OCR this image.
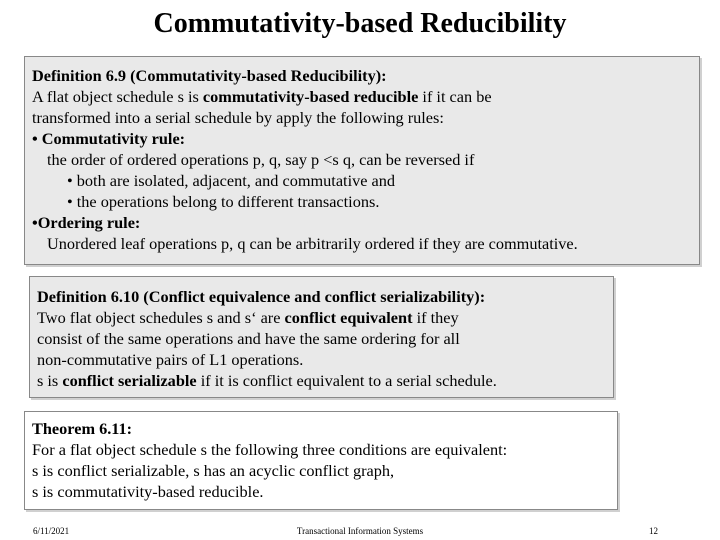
Commutativity-based Reducibility
Definition 6.9 (Commutativity-based Reducibility):
A flat object schedule s is commutativity-based reducible if it can be
transformed into a serial schedule by apply the following rules:
• Commutativity rule:
the order of ordered operations p, q, say p <s q, can be reversed if
• both are isolated, adjacent, and commutative and
• the operations belong to different transactions.
•Ordering rule:
Unordered leaf operations p, q can be arbitrarily ordered if they are commutative.
Definition 6.10 (Conflict equivalence and conflict serializability):
Two flat object schedules s and s‘ are conflict equivalent if they
consist of the same operations and have the same ordering for all
non-commutative pairs of L1 operations.
s is conflict serializable if it is conflict equivalent to a serial schedule.
Theorem 6.11:
For a flat object schedule s the following three conditions are equivalent:
s is conflict serializable, s has an acyclic conflict graph,
s is commutativity-based reducible.
6/11/2021	Transactional Information Systems	12
